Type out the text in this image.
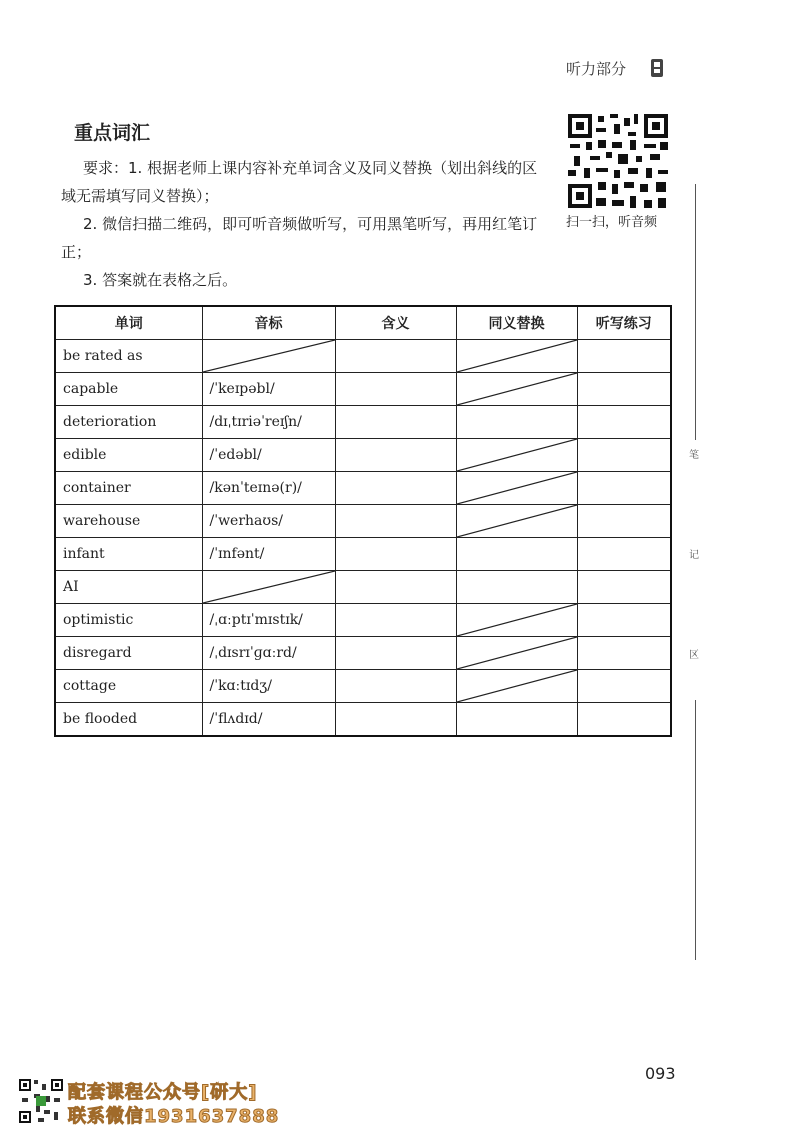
听力部分
重点词汇
要求：1. 根据老师上课内容补充单词含义及同义替换（划出斜线的区域无需填写同义替换）；
2. 微信扫描二维码，即可听音频做听写，可用黑笔听写，再用红笔订正；
3. 答案就在表格之后。
扫一扫，听音频
笔
记
区
单词	音标	含义	同义替换	听写练习
be rated as	

capable	/ˈkeɪpəbl/		

deterioration	/dɪˌtɪriəˈreɪʃn/			
edible	/ˈedəbl/		

container	/kənˈteɪnə(r)/		

warehouse	/ˈwerhaʊs/		

infant	/ˈɪnfənt/			
AI	

optimistic	/ˌɑːptɪˈmɪstɪk/		

disregard	/ˌdɪsrɪˈɡɑːrd/		

cottage	/ˈkɑːtɪdʒ/		

be flooded	/ˈflʌdɪd/			
093
配套课程公众号[研大]
联系微信1931637888
